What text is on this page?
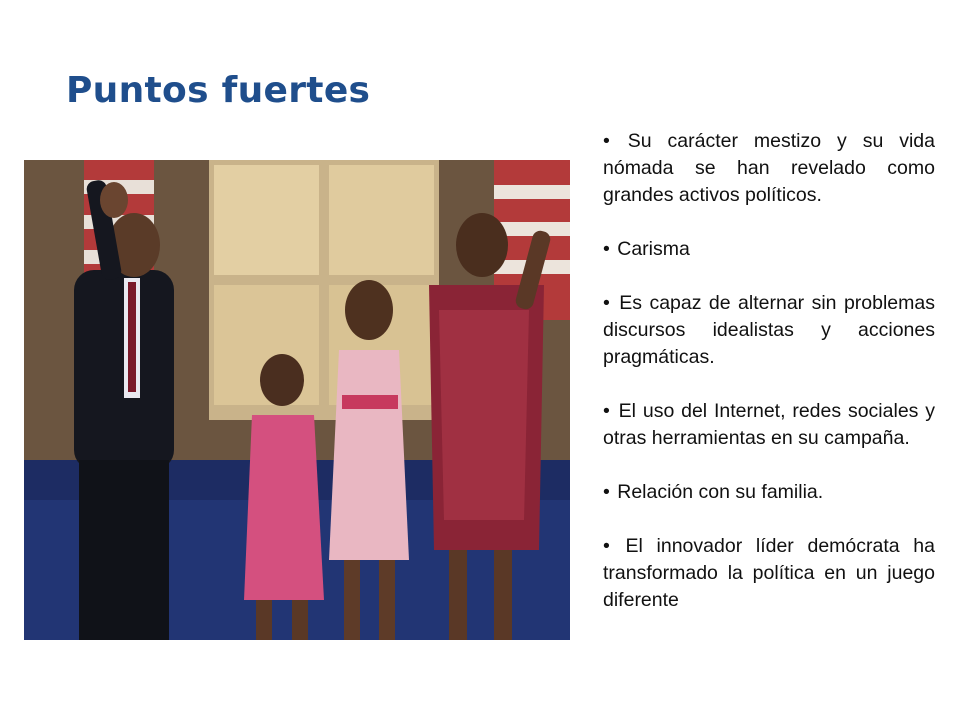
Puntos fuertes
• Su carácter mestizo y su vida nómada se han revelado como grandes activos políticos.
• Carisma
• Es capaz de alternar sin problemas discursos idealistas y acciones pragmáticas.
• El uso del Internet, redes sociales y otras herramientas en su campaña.
• Relación con su familia.
• El innovador líder demócrata ha transformado la política en un juego diferente
